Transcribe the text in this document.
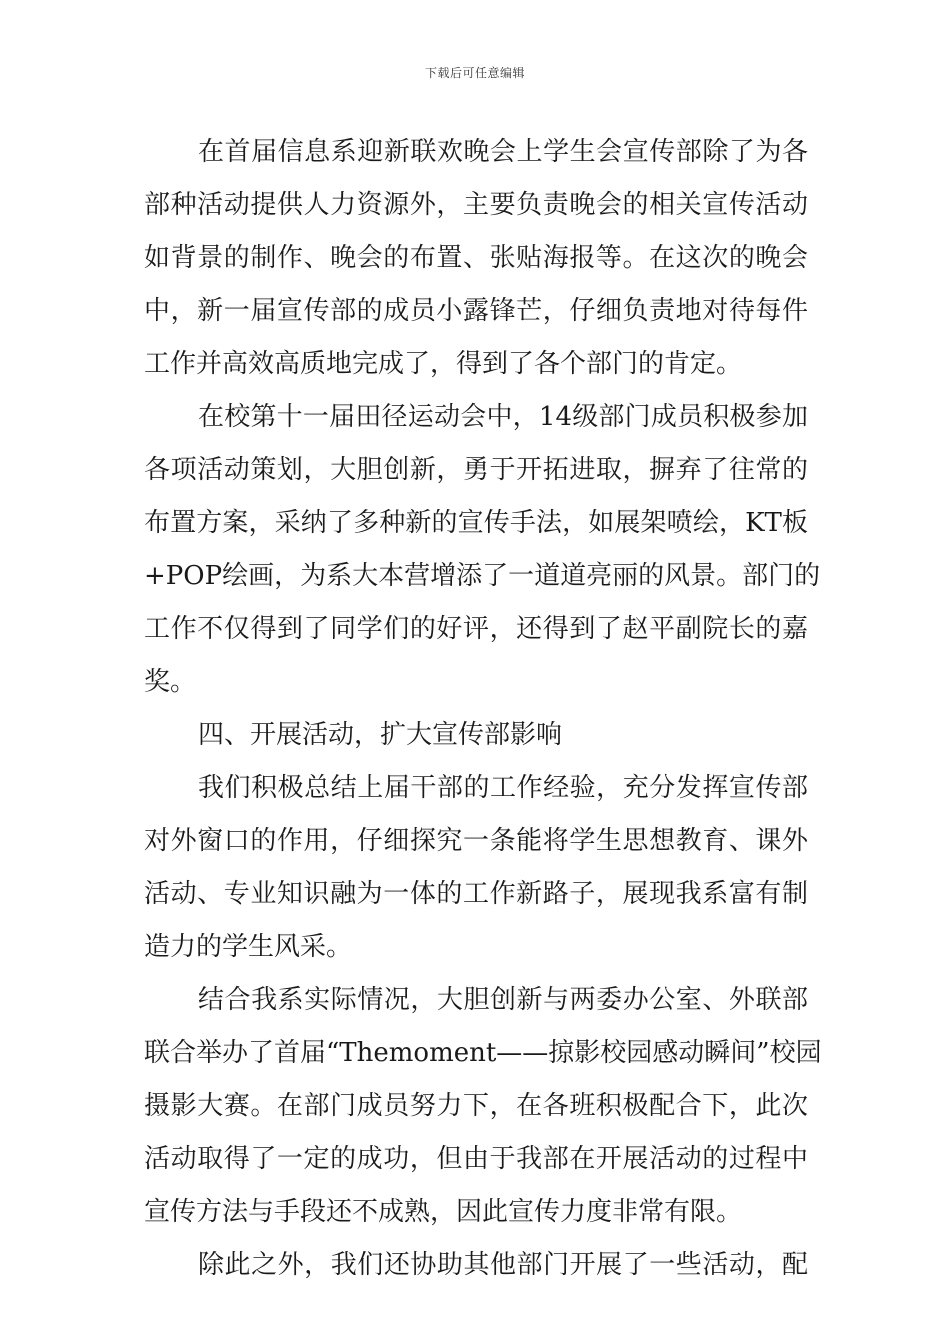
下载后可任意编辑
在首届信息系迎新联欢晚会上学生会宣传部除了为各
部种活动提供人力资源外，主要负责晚会的相关宣传活动
如背景的制作、晚会的布置、张贴海报等。在这次的晚会
中，新一届宣传部的成员小露锋芒，仔细负责地对待每件
工作并高效高质地完成了，得到了各个部门的肯定。
在校第十一届田径运动会中，14级部门成员积极参加
各项活动策划，大胆创新，勇于开拓进取，摒弃了往常的
布置方案，采纳了多种新的宣传手法，如展架喷绘，KT板
+POP绘画，为系大本营增添了一道道亮丽的风景。部门的
工作不仅得到了同学们的好评，还得到了赵平副院长的嘉
奖。
四、开展活动，扩大宣传部影响
我们积极总结上届干部的工作经验，充分发挥宣传部
对外窗口的作用，仔细探究一条能将学生思想教育、课外
活动、专业知识融为一体的工作新路子，展现我系富有制
造力的学生风采。
结合我系实际情况，大胆创新与两委办公室、外联部
联合举办了首届“Themoment——掠影校园感动瞬间”校园
摄影大赛。在部门成员努力下，在各班积极配合下，此次
活动取得了一定的成功，但由于我部在开展活动的过程中
宣传方法与手段还不成熟，因此宣传力度非常有限。
除此之外，我们还协助其他部门开展了一些活动，配
